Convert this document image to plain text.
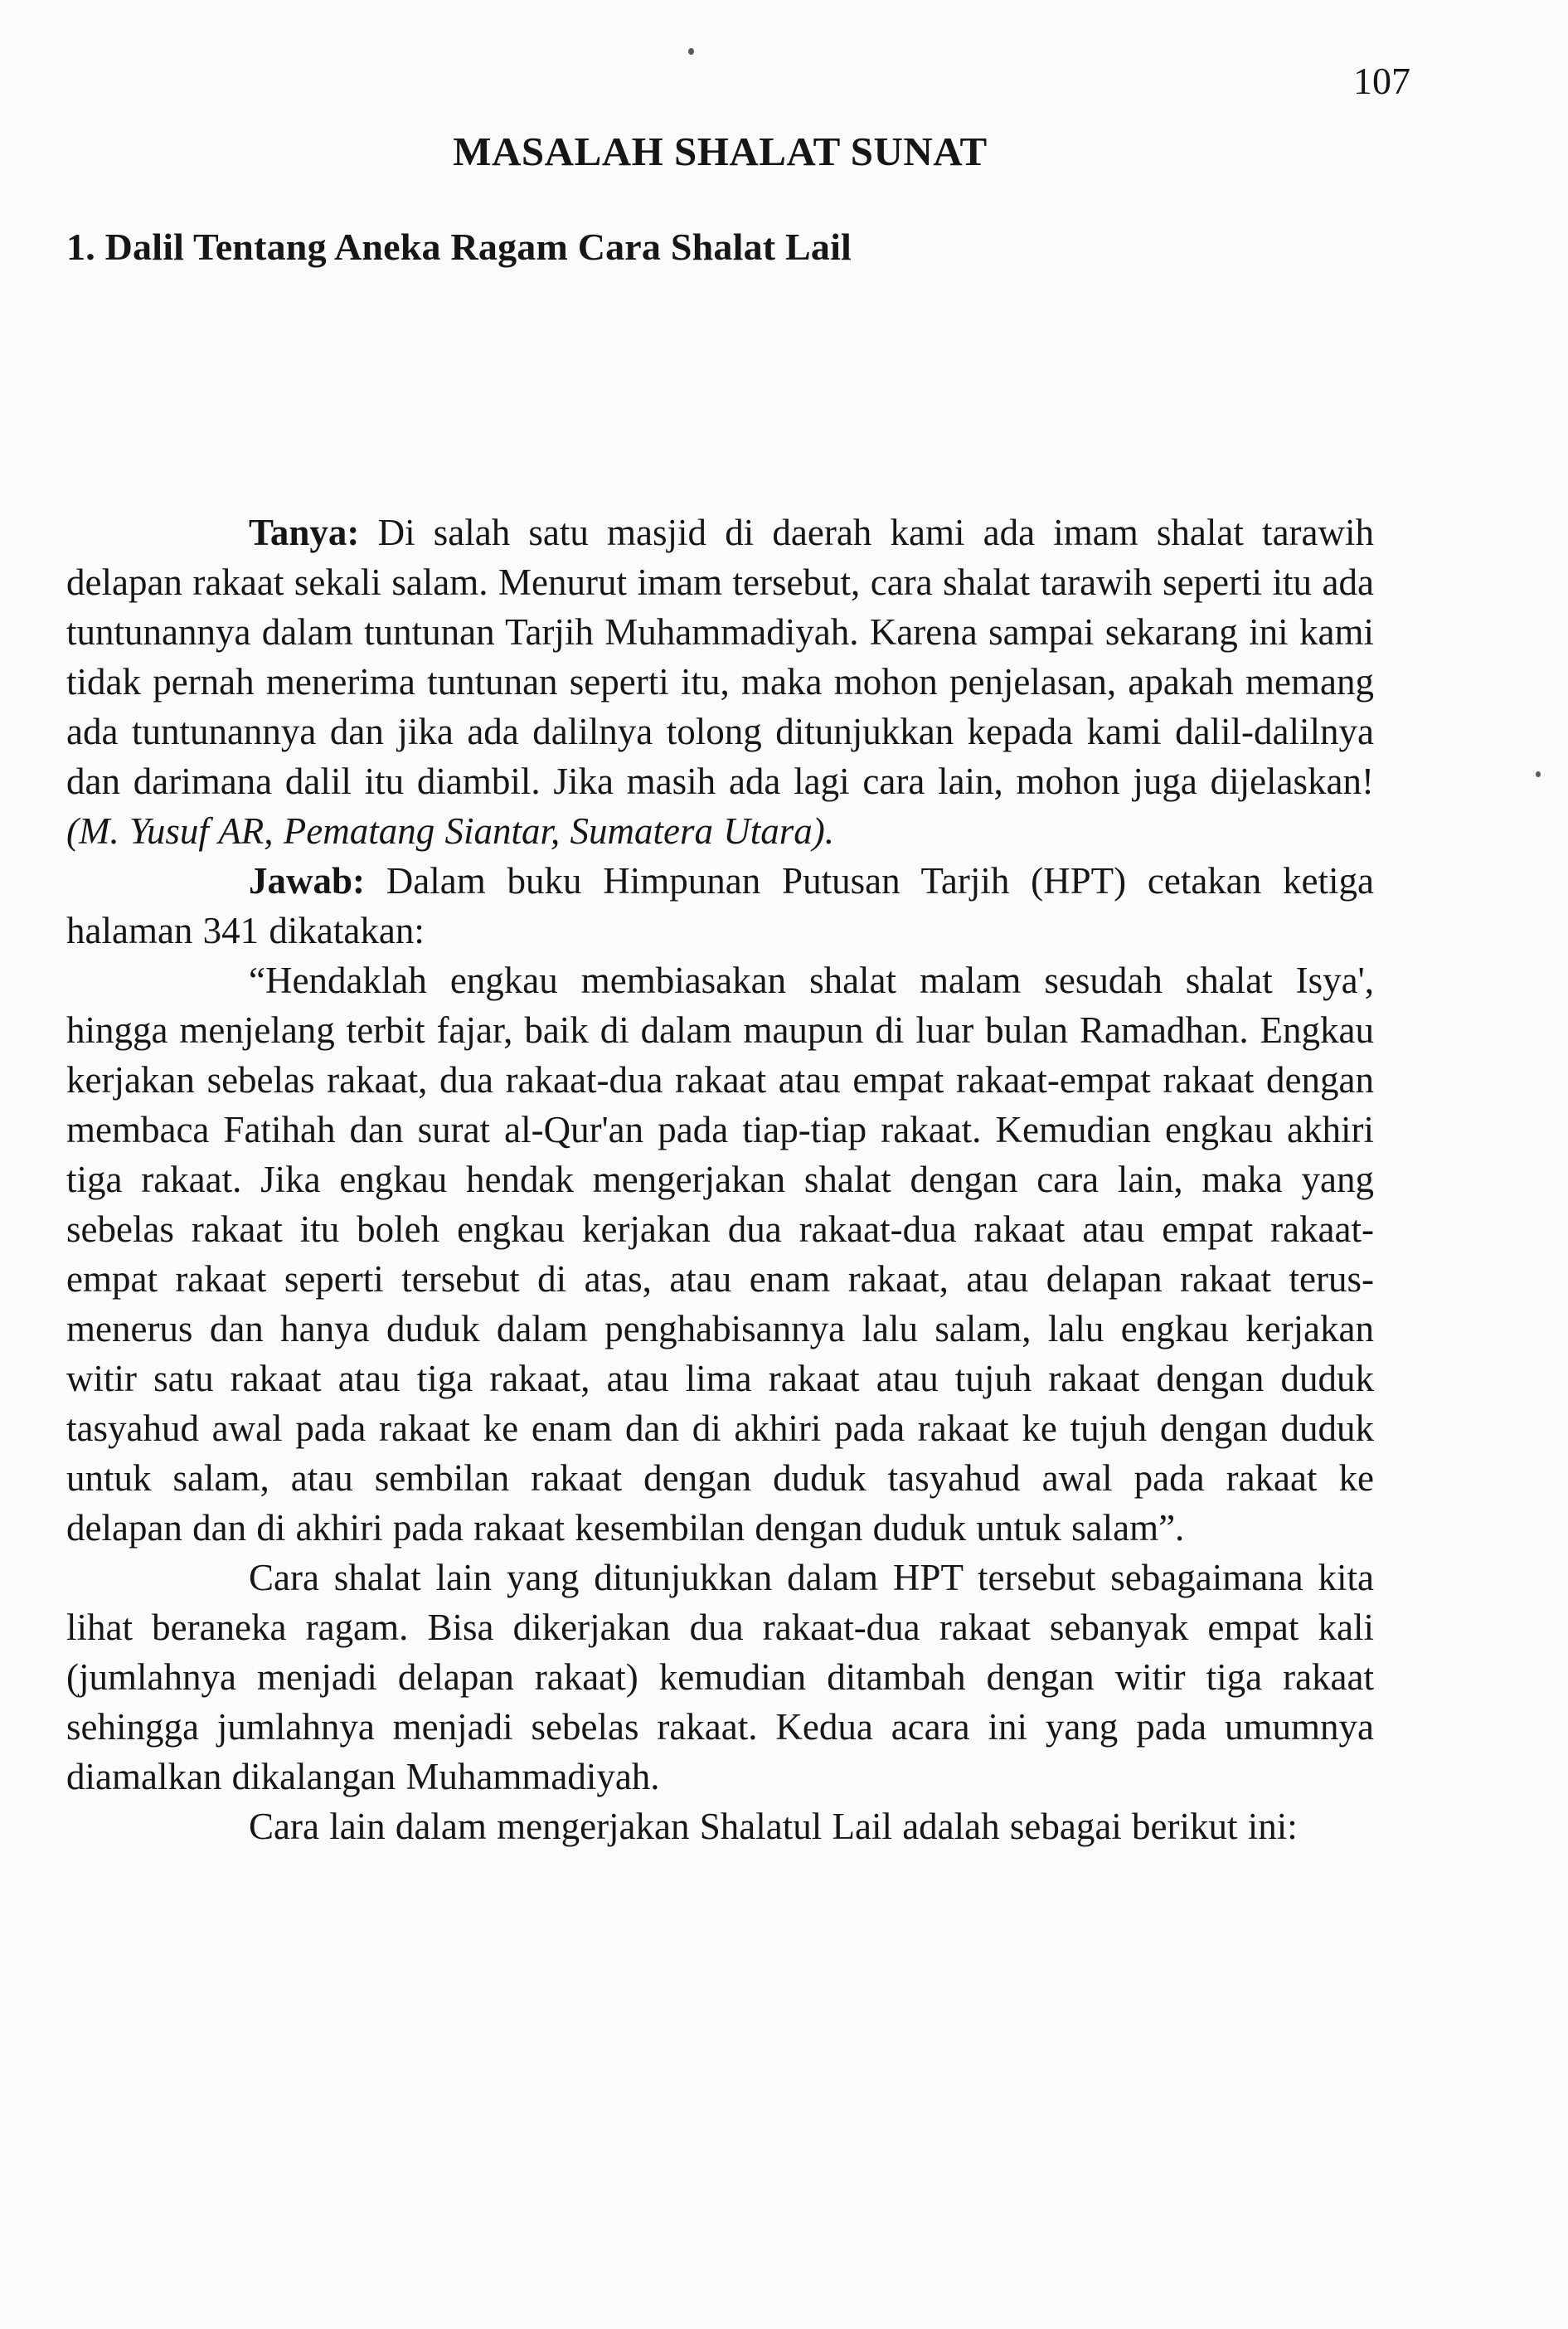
107
MASALAH SHALAT SUNAT
1. Dalil Tentang Aneka Ragam Cara Shalat Lail

Tanya: Di salah satu masjid di daerah kami ada imam shalat tarawih delapan rakaat sekali salam. Menurut imam tersebut, cara shalat tarawih seperti itu ada tuntunannya dalam tuntunan Tarjih Muhammadiyah. Karena sampai sekarang ini kami tidak pernah menerima tuntunan seperti itu, maka mohon penjelasan, apakah memang ada tuntunannya dan jika ada dalilnya tolong ditunjukkan kepada kami dalil-dalilnya dan darimana dalil itu diambil. Jika masih ada lagi cara lain, mohon juga dijelaskan! (M. Yusuf AR, Pematang Siantar, Sumatera Utara).

Jawab: Dalam buku Himpunan Putusan Tarjih (HPT) cetakan ketiga halaman 341 dikatakan:

“Hendaklah engkau membiasakan shalat malam sesudah shalat Isya', hingga menjelang terbit fajar, baik di dalam maupun di luar bulan Ramadhan. Engkau kerjakan sebelas rakaat, dua rakaat-dua rakaat atau empat rakaat-empat rakaat dengan membaca Fatihah dan surat al-Qur'an pada tiap-tiap rakaat. Kemudian engkau akhiri tiga rakaat. Jika engkau hendak mengerjakan shalat dengan cara lain, maka yang sebelas rakaat itu boleh engkau kerjakan dua rakaat-dua rakaat atau empat rakaat-empat rakaat seperti tersebut di atas, atau enam rakaat, atau delapan rakaat terus-menerus dan hanya duduk dalam penghabisannya lalu salam, lalu engkau kerjakan witir satu rakaat atau tiga rakaat, atau lima rakaat atau tujuh rakaat dengan duduk tasyahud awal pada rakaat ke enam dan di akhiri pada rakaat ke tujuh dengan duduk untuk salam, atau sembilan rakaat dengan duduk tasyahud awal pada rakaat ke delapan dan di akhiri pada rakaat kesembilan dengan duduk untuk salam”.

Cara shalat lain yang ditunjukkan dalam HPT tersebut sebagaimana kita lihat beraneka ragam. Bisa dikerjakan dua rakaat-dua rakaat sebanyak empat kali (jumlahnya menjadi delapan rakaat) kemudian ditambah dengan witir tiga rakaat sehingga jumlahnya menjadi sebelas rakaat. Kedua acara ini yang pada umumnya diamalkan dikalangan Muhammadiyah.

Cara lain dalam mengerjakan Shalatul Lail adalah sebagai berikut ini:
